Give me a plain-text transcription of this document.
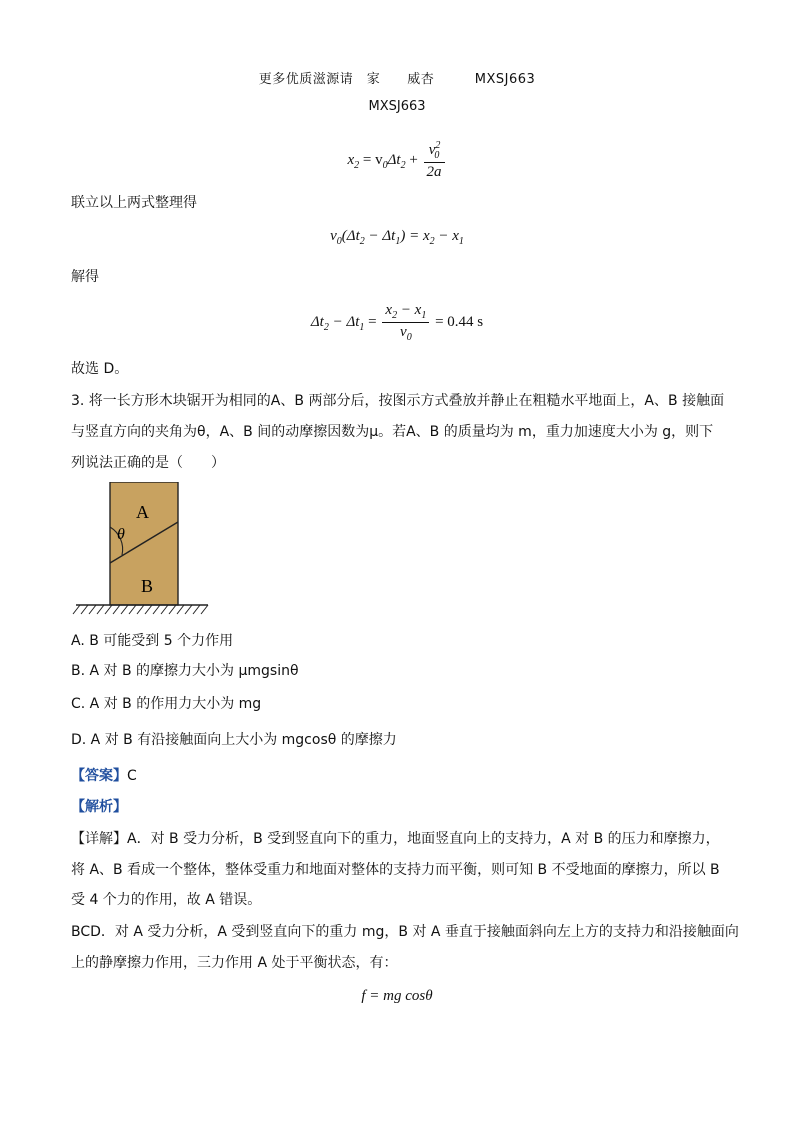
更多优质滋源请　家　　威杏　　　MXSJ663
MXSJ663
$x_2 = v_0\Delta t_2 + \frac{v^2_0}{2a}$
联立以上两式整理得
$v_0(\Delta t_2 - \Delta t_1) = x_2 - x_1$
解得
$\Delta t_2 - \Delta t_1 = \frac{x_2 - x_1}{v_0} = 0.44$ s
故选 D。
3. 将一长方形木块锯开为相同的A、B 两部分后，按图示方式叠放并静止在粗糙水平地面上，A、B 接触面
与竖直方向的夹角为θ，A、B 间的动摩擦因数为μ。若A、B 的质量均为 m，重力加速度大小为 g，则下
列说法正确的是（　　）
A
B
θ
A. B 可能受到 5 个力作用
B. A 对 B 的摩擦力大小为 μmgsinθ
C. A 对 B 的作用力大小为 mg
D. A 对 B 有沿接触面向上大小为 mgcosθ 的摩擦力
【答案】C
【解析】
【详解】A．对 B 受力分析，B 受到竖直向下的重力，地面竖直向上的支持力，A 对 B 的压力和摩擦力，
将 A、B 看成一个整体，整体受重力和地面对整体的支持力而平衡，则可知 B 不受地面的摩擦力，所以 B
受 4 个力的作用，故 A 错误。
BCD．对 A 受力分析，A 受到竖直向下的重力 mg，B 对 A 垂直于接触面斜向左上方的支持力和沿接触面向
上的静摩擦力作用，三力作用 A 处于平衡状态，有：
f = mg cosθ
